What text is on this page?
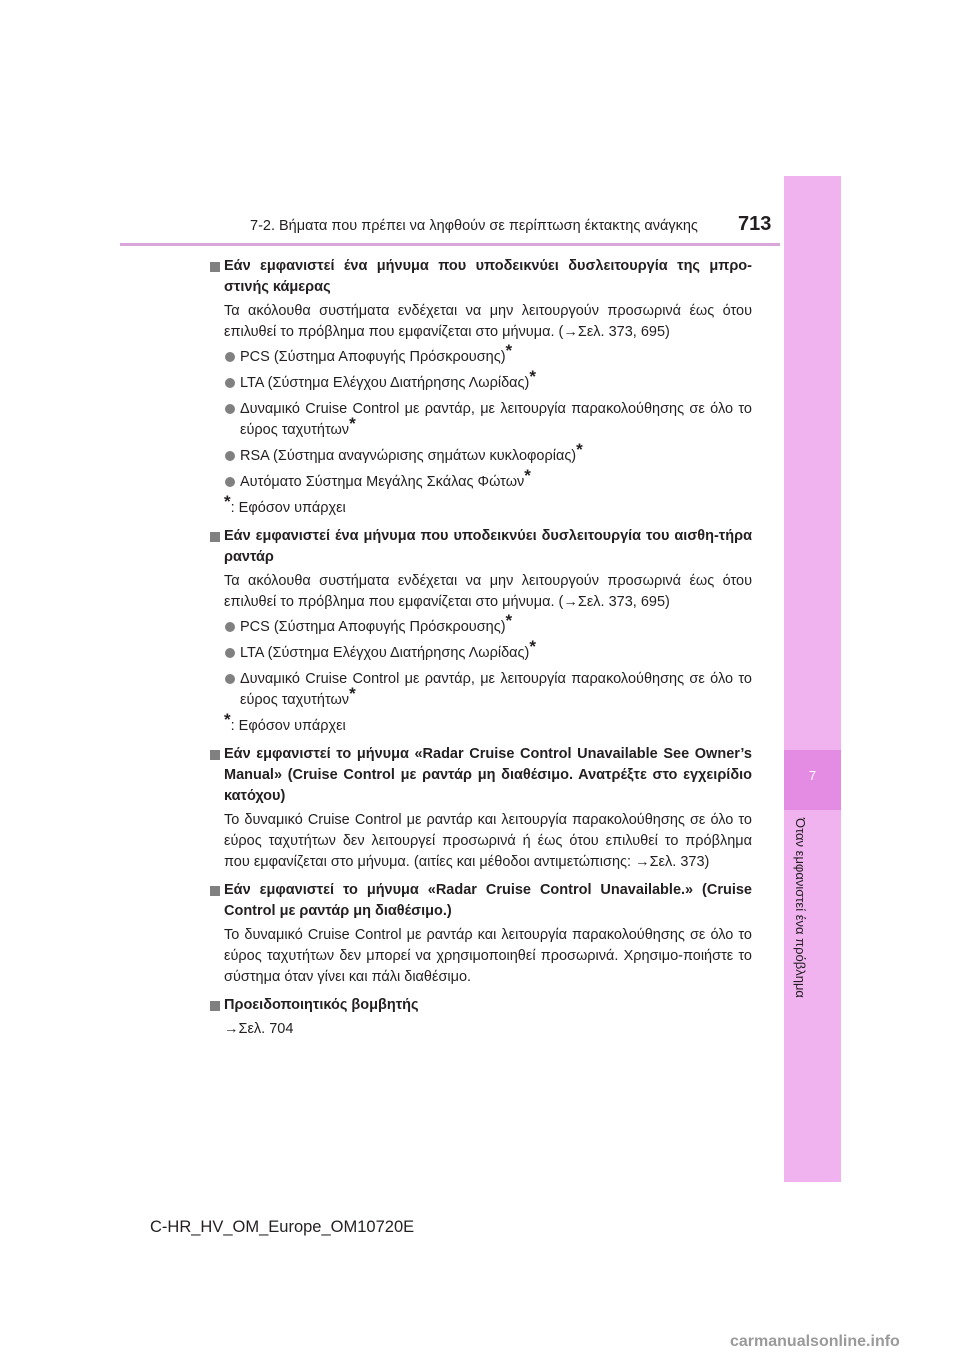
7
Όταν εμφανιστεί ένα πρόβλημα
7-2. Βήματα που πρέπει να ληφθούν σε περίπτωση έκτακτης ανάγκης 713
Εάν εμφανιστεί ένα μήνυμα που υποδεικνύει δυσλειτουργία της μπρο-στινής κάμερας
Τα ακόλουθα συστήματα ενδέχεται να μην λειτουργούν προσωρινά έως ότου επιλυθεί το πρόβλημα που εμφανίζεται στο μήνυμα. (→Σελ. 373, 695)
PCS (Σύστημα Αποφυγής Πρόσκρουσης)*
LTA (Σύστημα Ελέγχου Διατήρησης Λωρίδας)*
Δυναμικό Cruise Control με ραντάρ, με λειτουργία παρακολούθησης σε όλο το εύρος ταχυτήτων*
RSA (Σύστημα αναγνώρισης σημάτων κυκλοφορίας)*
Αυτόματο Σύστημα Μεγάλης Σκάλας Φώτων*
*: Εφόσον υπάρχει
Εάν εμφανιστεί ένα μήνυμα που υποδεικνύει δυσλειτουργία του αισθη-τήρα ραντάρ
Τα ακόλουθα συστήματα ενδέχεται να μην λειτουργούν προσωρινά έως ότου επιλυθεί το πρόβλημα που εμφανίζεται στο μήνυμα. (→Σελ. 373, 695)
PCS (Σύστημα Αποφυγής Πρόσκρουσης)*
LTA (Σύστημα Ελέγχου Διατήρησης Λωρίδας)*
Δυναμικό Cruise Control με ραντάρ, με λειτουργία παρακολούθησης σε όλο το εύρος ταχυτήτων*
*: Εφόσον υπάρχει
Εάν εμφανιστεί το μήνυμα «Radar Cruise Control Unavailable See Owner’s Manual» (Cruise Control με ραντάρ μη διαθέσιμο. Ανατρέξτε στο εγχειρίδιο κατόχου)
Το δυναμικό Cruise Control με ραντάρ και λειτουργία παρακολούθησης σε όλο το εύρος ταχυτήτων δεν λειτουργεί προσωρινά ή έως ότου επιλυθεί το πρόβλημα που εμφανίζεται στο μήνυμα. (αιτίες και μέθοδοι αντιμετώπισης: →Σελ. 373)
Εάν εμφανιστεί το μήνυμα «Radar Cruise Control Unavailable.» (Cruise Control με ραντάρ μη διαθέσιμο.)
Το δυναμικό Cruise Control με ραντάρ και λειτουργία παρακολούθησης σε όλο το εύρος ταχυτήτων δεν μπορεί να χρησιμοποιηθεί προσωρινά. Χρησιμο-ποιήστε το σύστημα όταν γίνει και πάλι διαθέσιμο.
Προειδοποιητικός βομβητής
→Σελ. 704
C-HR_HV_OM_Europe_OM10720E
carmanualsonline.info
